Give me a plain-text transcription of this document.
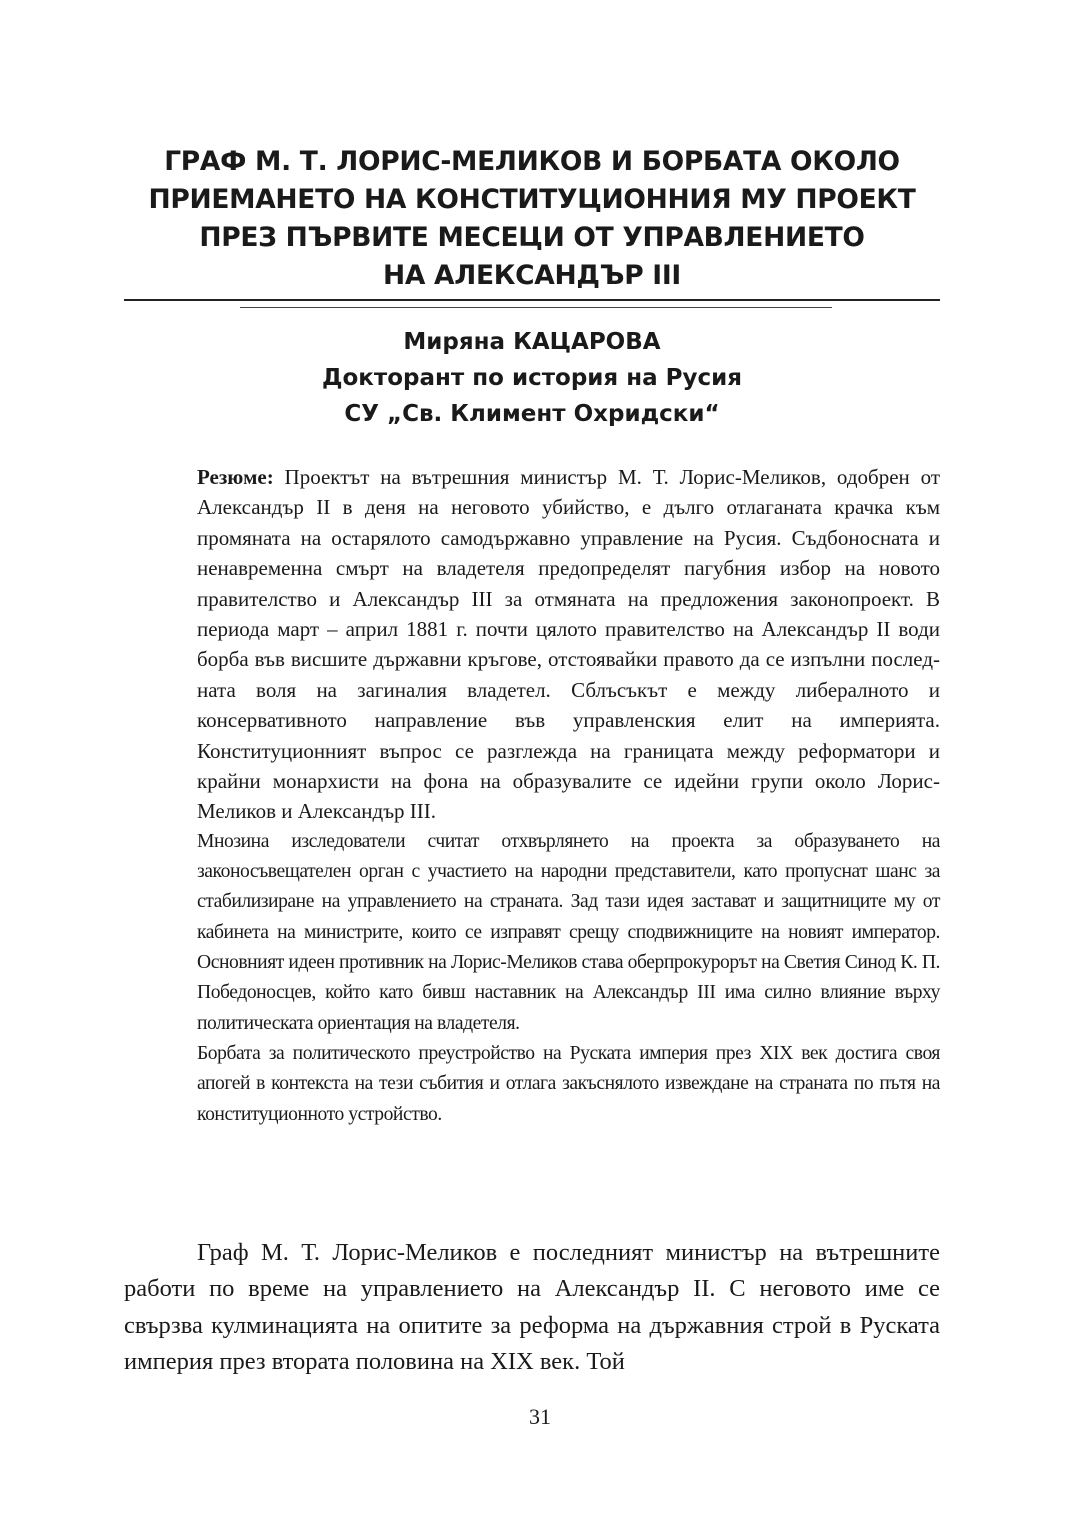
ГРАФ М. Т. ЛОРИС-МЕЛИКОВ И БОРБАТА ОКОЛО
ПРИЕМАНЕТО НА КОНСТИТУЦИОННИЯ МУ ПРОЕКТ
ПРЕЗ ПЪРВИТЕ МЕСЕЦИ ОТ УПРАВЛЕНИЕТО
НА АЛЕКСАНДЪР III
Миряна КАЦАРОВА
Докторант по история на Русия
СУ „Св. Климент Охридски“

Резюме: Проектът на вътрешния министър М. Т. Лорис-Меликов, одобрен от Александър II в деня на неговото убийство, е дълго отлаганата крачка към промяната на остарялото самодържавно управление на Русия. Съдбоносната и ненавременна смърт на владетеля предопределят пагубния избор на новото правителство и Александър III за отмяната на предложения законопроект. В периода март – април 1881 г. почти цялото правителство на Александър II води борба във висшите държавни кръгове, отстоявайки правото да се изпълни последната воля на загиналия владетел. Сблъсъкът е между либералното и консервативното направление във управленския елит на империята. Конституционният въпрос се разглежда на границата между реформатори и крайни монархисти на фона на образувалите се идейни групи около Лорис-Меликов и Александър III.

Мнозина изследователи считат отхвърлянето на проекта за образуването на законосъвещателен орган с участието на народни представители, като пропуснат шанс за стабилизиране на управлението на страната. Зад тази идея застават и защитниците му от кабинета на министрите, които се изправят срещу сподвижниците на новият император. Основният идеен противник на Лорис-Меликов става оберпрокурорът на Светия Синод К. П. Победоносцев, който като бивш наставник на Александър III има силно влияние върху политическата ориентация на владетеля.

Борбата за политическото преустройство на Руската империя през XIX век достига своя апогей в контекста на тези събития и отлага закъснялото извеждане на страната по пътя на конституционното устройство.

Граф М. Т. Лорис-Меликов е последният министър на вътрешните работи по време на управлението на Александър II. С неговото име се свързва кулминацията на опитите за реформа на държавния строй в Руската империя през втората половина на XIX век. Той

31
